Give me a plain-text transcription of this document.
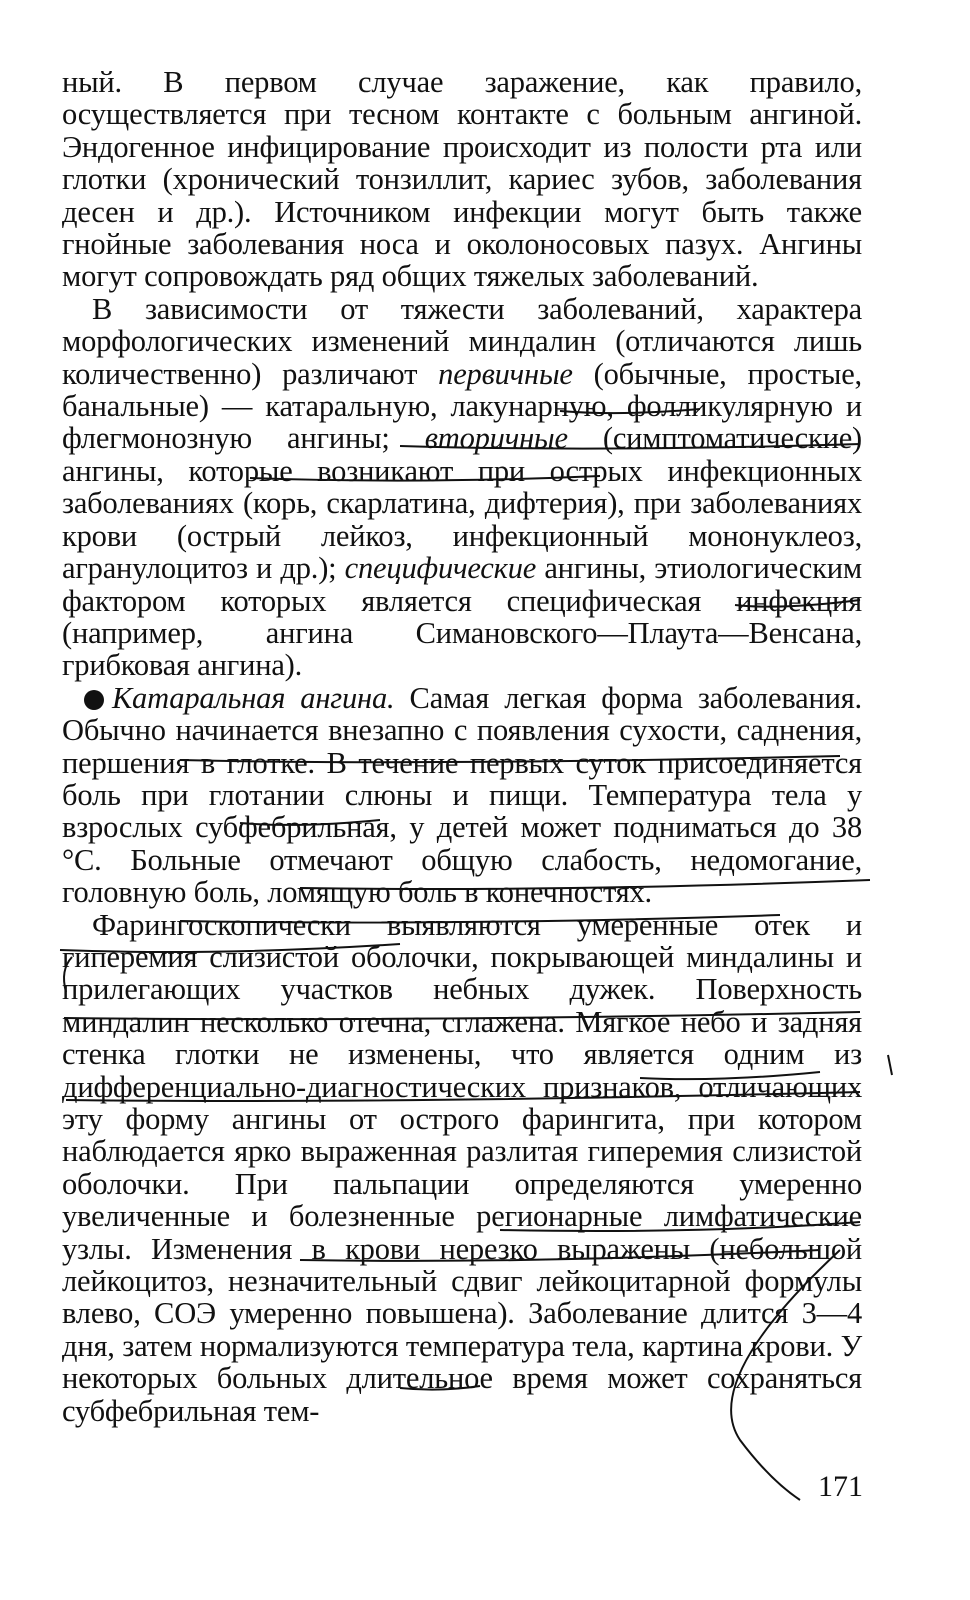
ный. В первом случае заражение, как правило, осуществляется при тесном контакте с больным ангиной. Эндогенное инфицирование происходит из полости рта или глотки (хронический тонзиллит, кариес зубов, заболевания десен и др.). Источником инфекции могут быть также гнойные заболевания носа и околоносовых пазух. Ангины могут сопровождать ряд общих тяжелых заболеваний.

В зависимости от тяжести заболеваний, характера морфологических изменений миндалин (отличаются лишь количественно) различают первичные (обычные, простые, банальные) — катаральную, лакунарную, фолликулярную и флегмонозную ангины; вторичные (симптоматические) ангины, которые возникают при острых инфекционных заболеваниях (корь, скарлатина, дифтерия), при заболеваниях крови (острый лейкоз, инфекционный мононуклеоз, агранулоцитоз и др.); специфические ангины, этиологическим фактором которых является специфическая инфекция (например, ангина Симановского—Плаута—Венсана, грибковая ангина).

Катаральная ангина. Самая легкая форма заболевания. Обычно начинается внезапно с появления сухости, саднения, першения в глотке. В течение первых суток присоединяется боль при глотании слюны и пищи. Температура тела у взрослых субфебрильная, у детей может подниматься до 38 °С. Больные отмечают общую слабость, недомогание, головную боль, ломящую боль в конечностях.

Фарингоскопически выявляются умеренные отек и гиперемия слизистой оболочки, покрывающей миндалины и прилегающих участков небных дужек. Поверхность миндалин несколько отечна, сглажена. Мягкое небо и задняя стенка глотки не изменены, что является одним из дифференциально-диагностических признаков, отличающих эту форму ангины от острого фарингита, при котором наблюдается ярко выраженная разлитая гиперемия слизистой оболочки. При пальпации определяются умеренно увеличенные и болезненные регионарные лимфатические узлы. Изменения в крови нерезко выражены (небольшой лейкоцитоз, незначительный сдвиг лейкоцитарной формулы влево, СОЭ умеренно повышена). Заболевание длится 3—4 дня, затем нормализуются температура тела, картина крови. У некоторых больных длительное время может сохраняться субфебрильная тем-

171
